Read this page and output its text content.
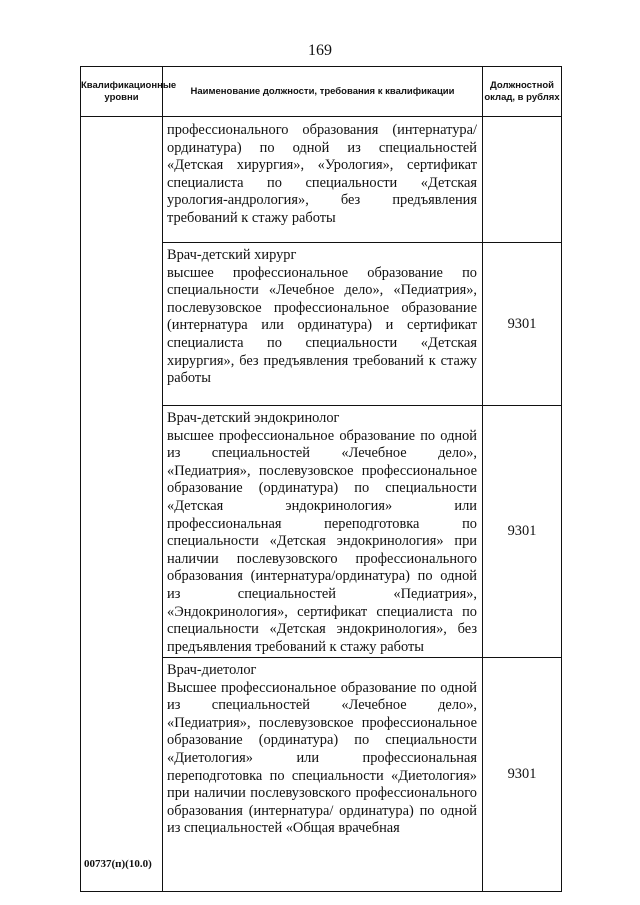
169
Квалификационные уровни	Наименование должности, требования к квалификации	Должностной оклад, в рублях

	профессионального образования (интернатура/ординатура) по одной из специальностей «Детская хирургия», «Урология», сертификат специалиста по специальности «Детская урология-андрология», без предъявления требований к стажу работы	

	Врач-детский хирург
высшее профессиональное образование по специальности «Лечебное дело», «Педиатрия», послевузовское профессиональное образование (интернатура или ординатура) и сертификат специалиста по специальности «Детская хирургия», без предъявления требований к стажу работы	9301

	Врач-детский эндокринолог
высшее профессиональное образование по одной из специальностей «Лечебное дело», «Педиатрия», послевузовское профессиональное образование (ординатура) по специальности «Детская эндокринология» или профессиональная переподготовка по специальности «Детская эндокринология» при наличии послевузовского профессионального образования (интернатура/ординатура) по одной из специальностей «Педиатрия», «Эндокринология», сертификат специалиста по специальности «Детская эндокринология», без предъявления требований к стажу работы	9301

	Врач-диетолог
Высшее профессиональное образование по одной из специальностей «Лечебное дело», «Педиатрия», послевузовское профессиональное образование (ординатура) по специальности «Диетология» или профессиональная переподготовка по специальности «Диетология» при наличии послевузовского профессионального образования (интернатура/ ординатура) по одной из специальностей «Общая врачебная	9301
00737(п)(10.0)
